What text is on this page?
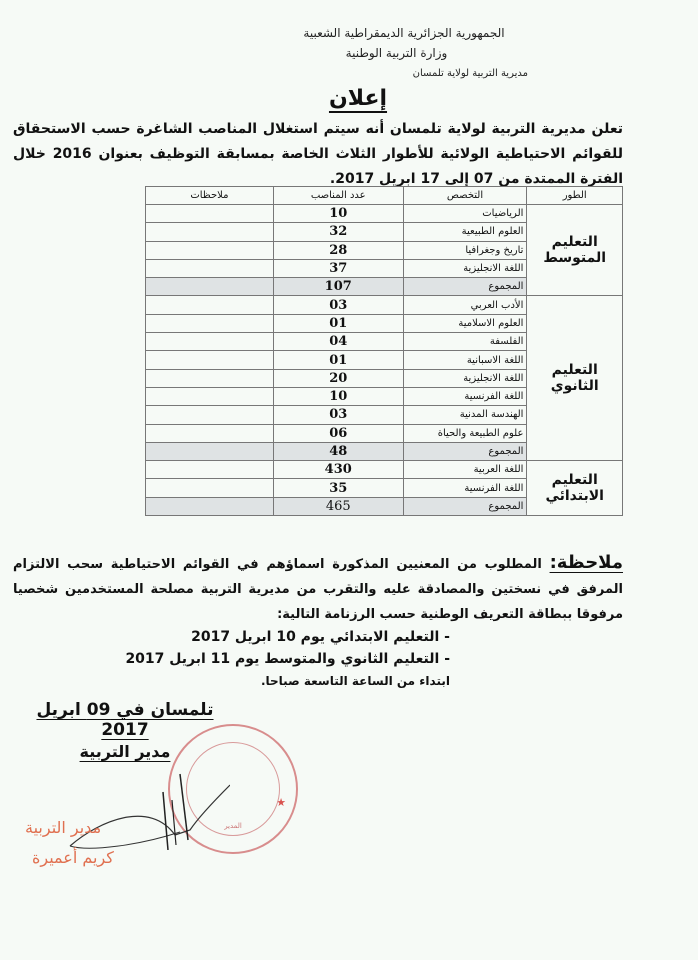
الجمهورية الجزائرية الديمقراطية الشعبية
وزارة التربية الوطنية
مديرية التربية لولاية تلمسان
إعلان
تعلن مديرية التربية لولاية تلمسان أنه سيتم استغلال المناصب الشاغرة حسب الاستحقاق للقوائم الاحتياطية الولائية للأطوار الثلاث الخاصة بمسابقة التوظيف بعنوان 2016 خلال الفترة الممتدة من 07 إلى 17 ابريل 2017.
الطور	التخصص	عدد المناصب	ملاحظات
التعليم المتوسط	الرياضيات	10	
	العلوم الطبيعية	32	
	تاريخ وجغرافيا	28	
	اللغة الانجليزية	37	
	المجموع	107	
التعليم الثانوي	الأدب العربي	03	
	العلوم الاسلامية	01	
	الفلسفة	04	
	اللغة الاسبانية	01	
	اللغة الانجليزية	20	
	اللغة الفرنسية	10	
	الهندسة المدنية	03	
	علوم الطبيعة والحياة	06	
	المجموع	48	
التعليم الابتدائي	اللغة العربية	430	
	اللغة الفرنسية	35	
	المجموع	465	
ملاحظة: المطلوب من المعنيين المذكورة اسماؤهم في القوائم الاحتياطية سحب الالتزام المرفق في نسختين والمصادقة عليه والتقرب من مديرية التربية مصلحة المستخدمين شخصيا مرفوقا ببطاقة التعريف الوطنية حسب الرزنامة التالية:
- التعليم الابتدائي يوم 10 ابريل 2017
- التعليم الثانوي والمتوسط يوم 11 ابريل 2017
ابتداء من الساعة التاسعة صباحا.
★
المدير
تلمسان في 09 ابريل 2017
مدير التربية
مدير التربية
كريم أعميرة
